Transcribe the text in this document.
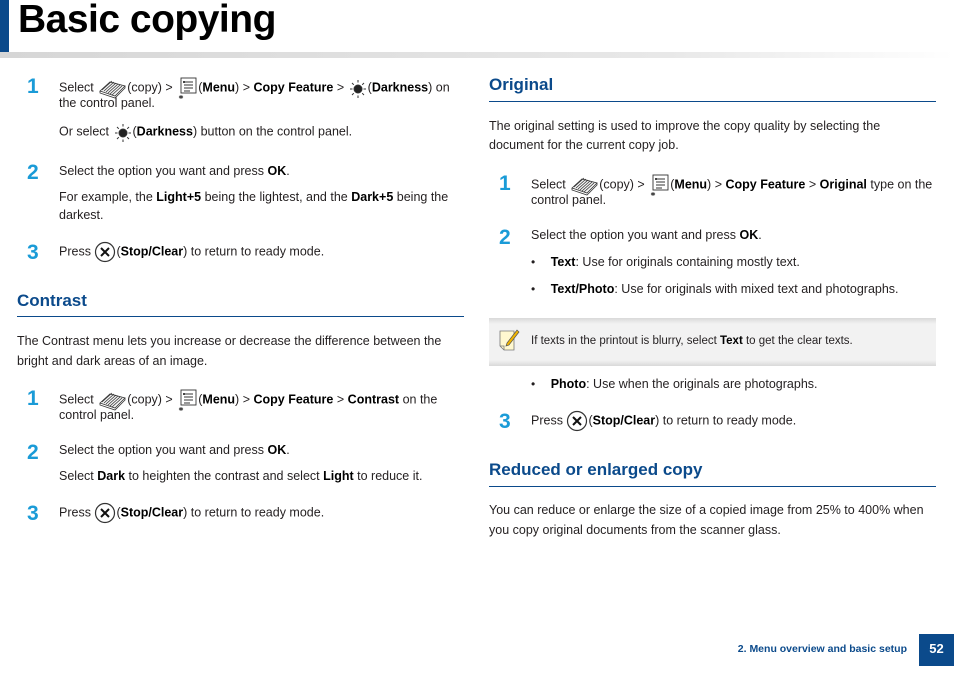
Basic copying
1	Select	(copy) > (Menu) > Copy Feature > (Darkness) on
the control panel.
Or select (Darkness) button on the control panel.
2	Select the option you want and press OK.
For example, the Light+5 being the lightest, and the Dark+5 being the
darkest.
3	Press (Stop/Clear) to return to ready mode.
Contrast
The Contrast menu lets you increase or decrease the difference between the
bright and dark areas of an image.
1	Select	(copy) > (Menu) > Copy Feature > Contrast on the
control panel.
2	Select the option you want and press OK.
Select Dark to heighten the contrast and select Light to reduce it.
3	Press (Stop/Clear) to return to ready mode.
Original
The original setting is used to improve the copy quality by selecting the
document for the current copy job.
1	Select	(copy) > (Menu) > Copy Feature > Original type on the
control panel.
2	Select the option you want and press OK.
• Text: Use for originals containing mostly text.
• Text/Photo: Use for originals with mixed text and photographs.
If texts in the printout is blurry, select Text to get the clear texts.
• Photo: Use when the originals are photographs.
3	Press (Stop/Clear) to return to ready mode.
Reduced or enlarged copy
You can reduce or enlarge the size of a copied image from 25% to 400% when
you copy original documents from the scanner glass.
2. Menu overview and basic setup	52
